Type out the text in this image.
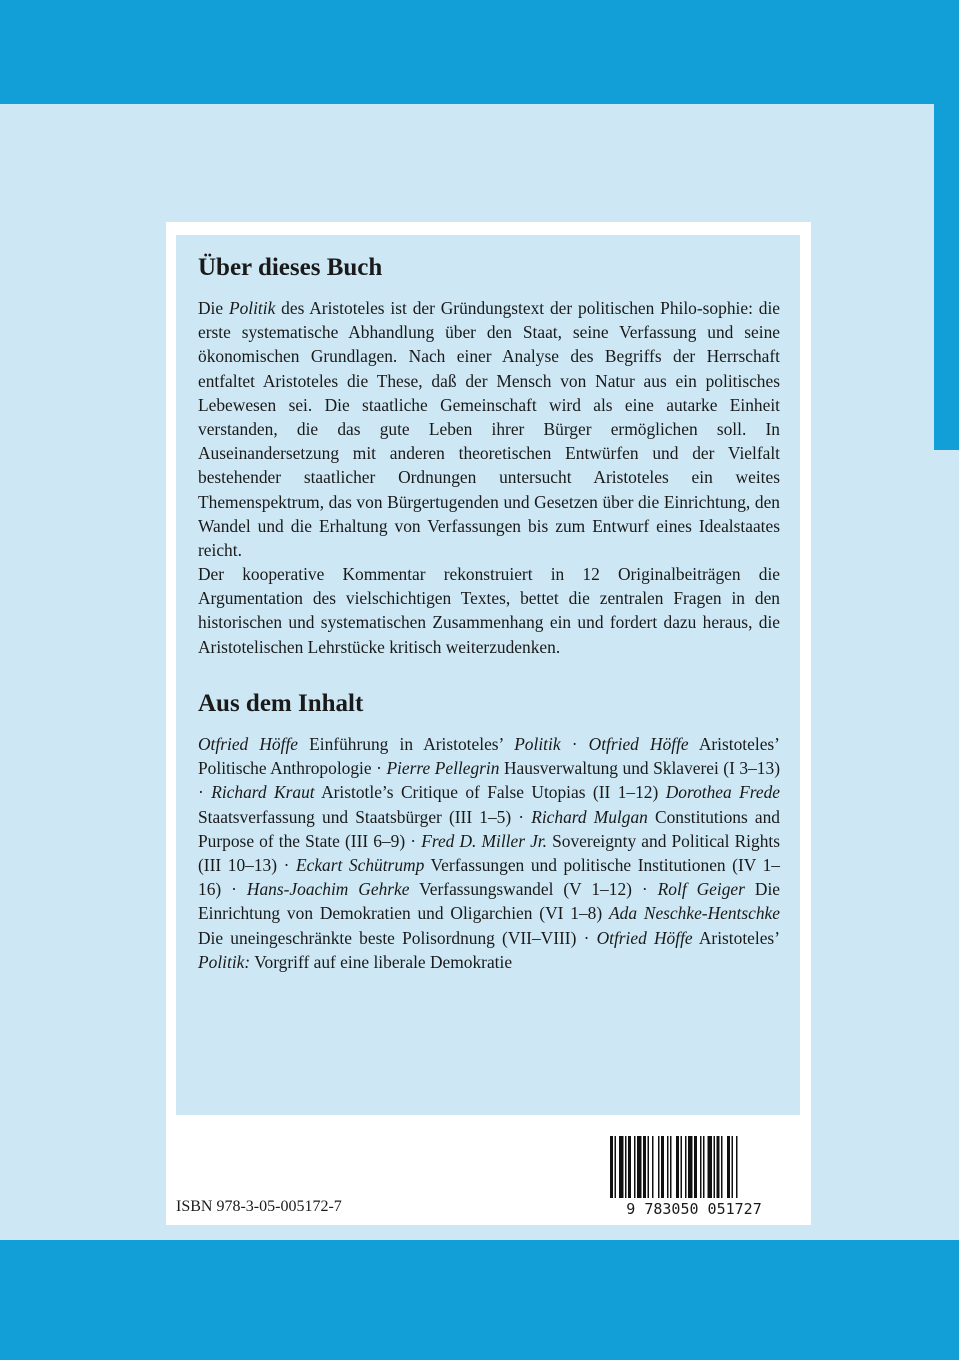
Über dieses Buch

Die Politik des Aristoteles ist der Gründungstext der politischen Philo-sophie: die erste systematische Abhandlung über den Staat, seine Verfassung und seine ökonomischen Grundlagen. Nach einer Analyse des Begriffs der Herrschaft entfaltet Aristoteles die These, daß der Mensch von Natur aus ein politisches Lebewesen sei. Die staatliche Gemeinschaft wird als eine autarke Einheit verstanden, die das gute Leben ihrer Bürger ermöglichen soll. In Auseinandersetzung mit anderen theoretischen Entwürfen und der Vielfalt bestehender staatlicher Ordnungen untersucht Aristoteles ein weites Themenspektrum, das von Bürgertugenden und Gesetzen über die Einrichtung, den Wandel und die Erhaltung von Verfassungen bis zum Entwurf eines Idealstaates reicht.

Der kooperative Kommentar rekonstruiert in 12 Originalbeiträgen die Argumentation des vielschichtigen Textes, bettet die zentralen Fragen in den historischen und systematischen Zusammenhang ein und fordert dazu heraus, die Aristotelischen Lehrstücke kritisch weiterzudenken.

Aus dem Inhalt

Otfried Höffe Einführung in Aristoteles’ Politik · Otfried Höffe Aristoteles’ Politische Anthropologie · Pierre Pellegrin Hausverwaltung und Sklaverei (I 3–13) · Richard Kraut Aristotle’s Critique of False Utopias (II 1–12) Dorothea Frede Staatsverfassung und Staatsbürger (III 1–5) · Richard Mulgan Constitutions and Purpose of the State (III 6–9) · Fred D. Miller Jr. Sovereignty and Political Rights (III 10–13) · Eckart Schütrump Verfassungen und politische Institutionen (IV 1–16) · Hans-Joachim Gehrke Verfassungswandel (V 1–12) · Rolf Geiger Die Einrichtung von Demokratien und Oligarchien (VI 1–8) Ada Neschke-Hentschke Die uneingeschränkte beste Polisordnung (VII–VIII) · Otfried Höffe Aristoteles’ Politik: Vorgriff auf eine liberale Demokratie

ISBN 978-3-05-005172-7	9 783050 051727
